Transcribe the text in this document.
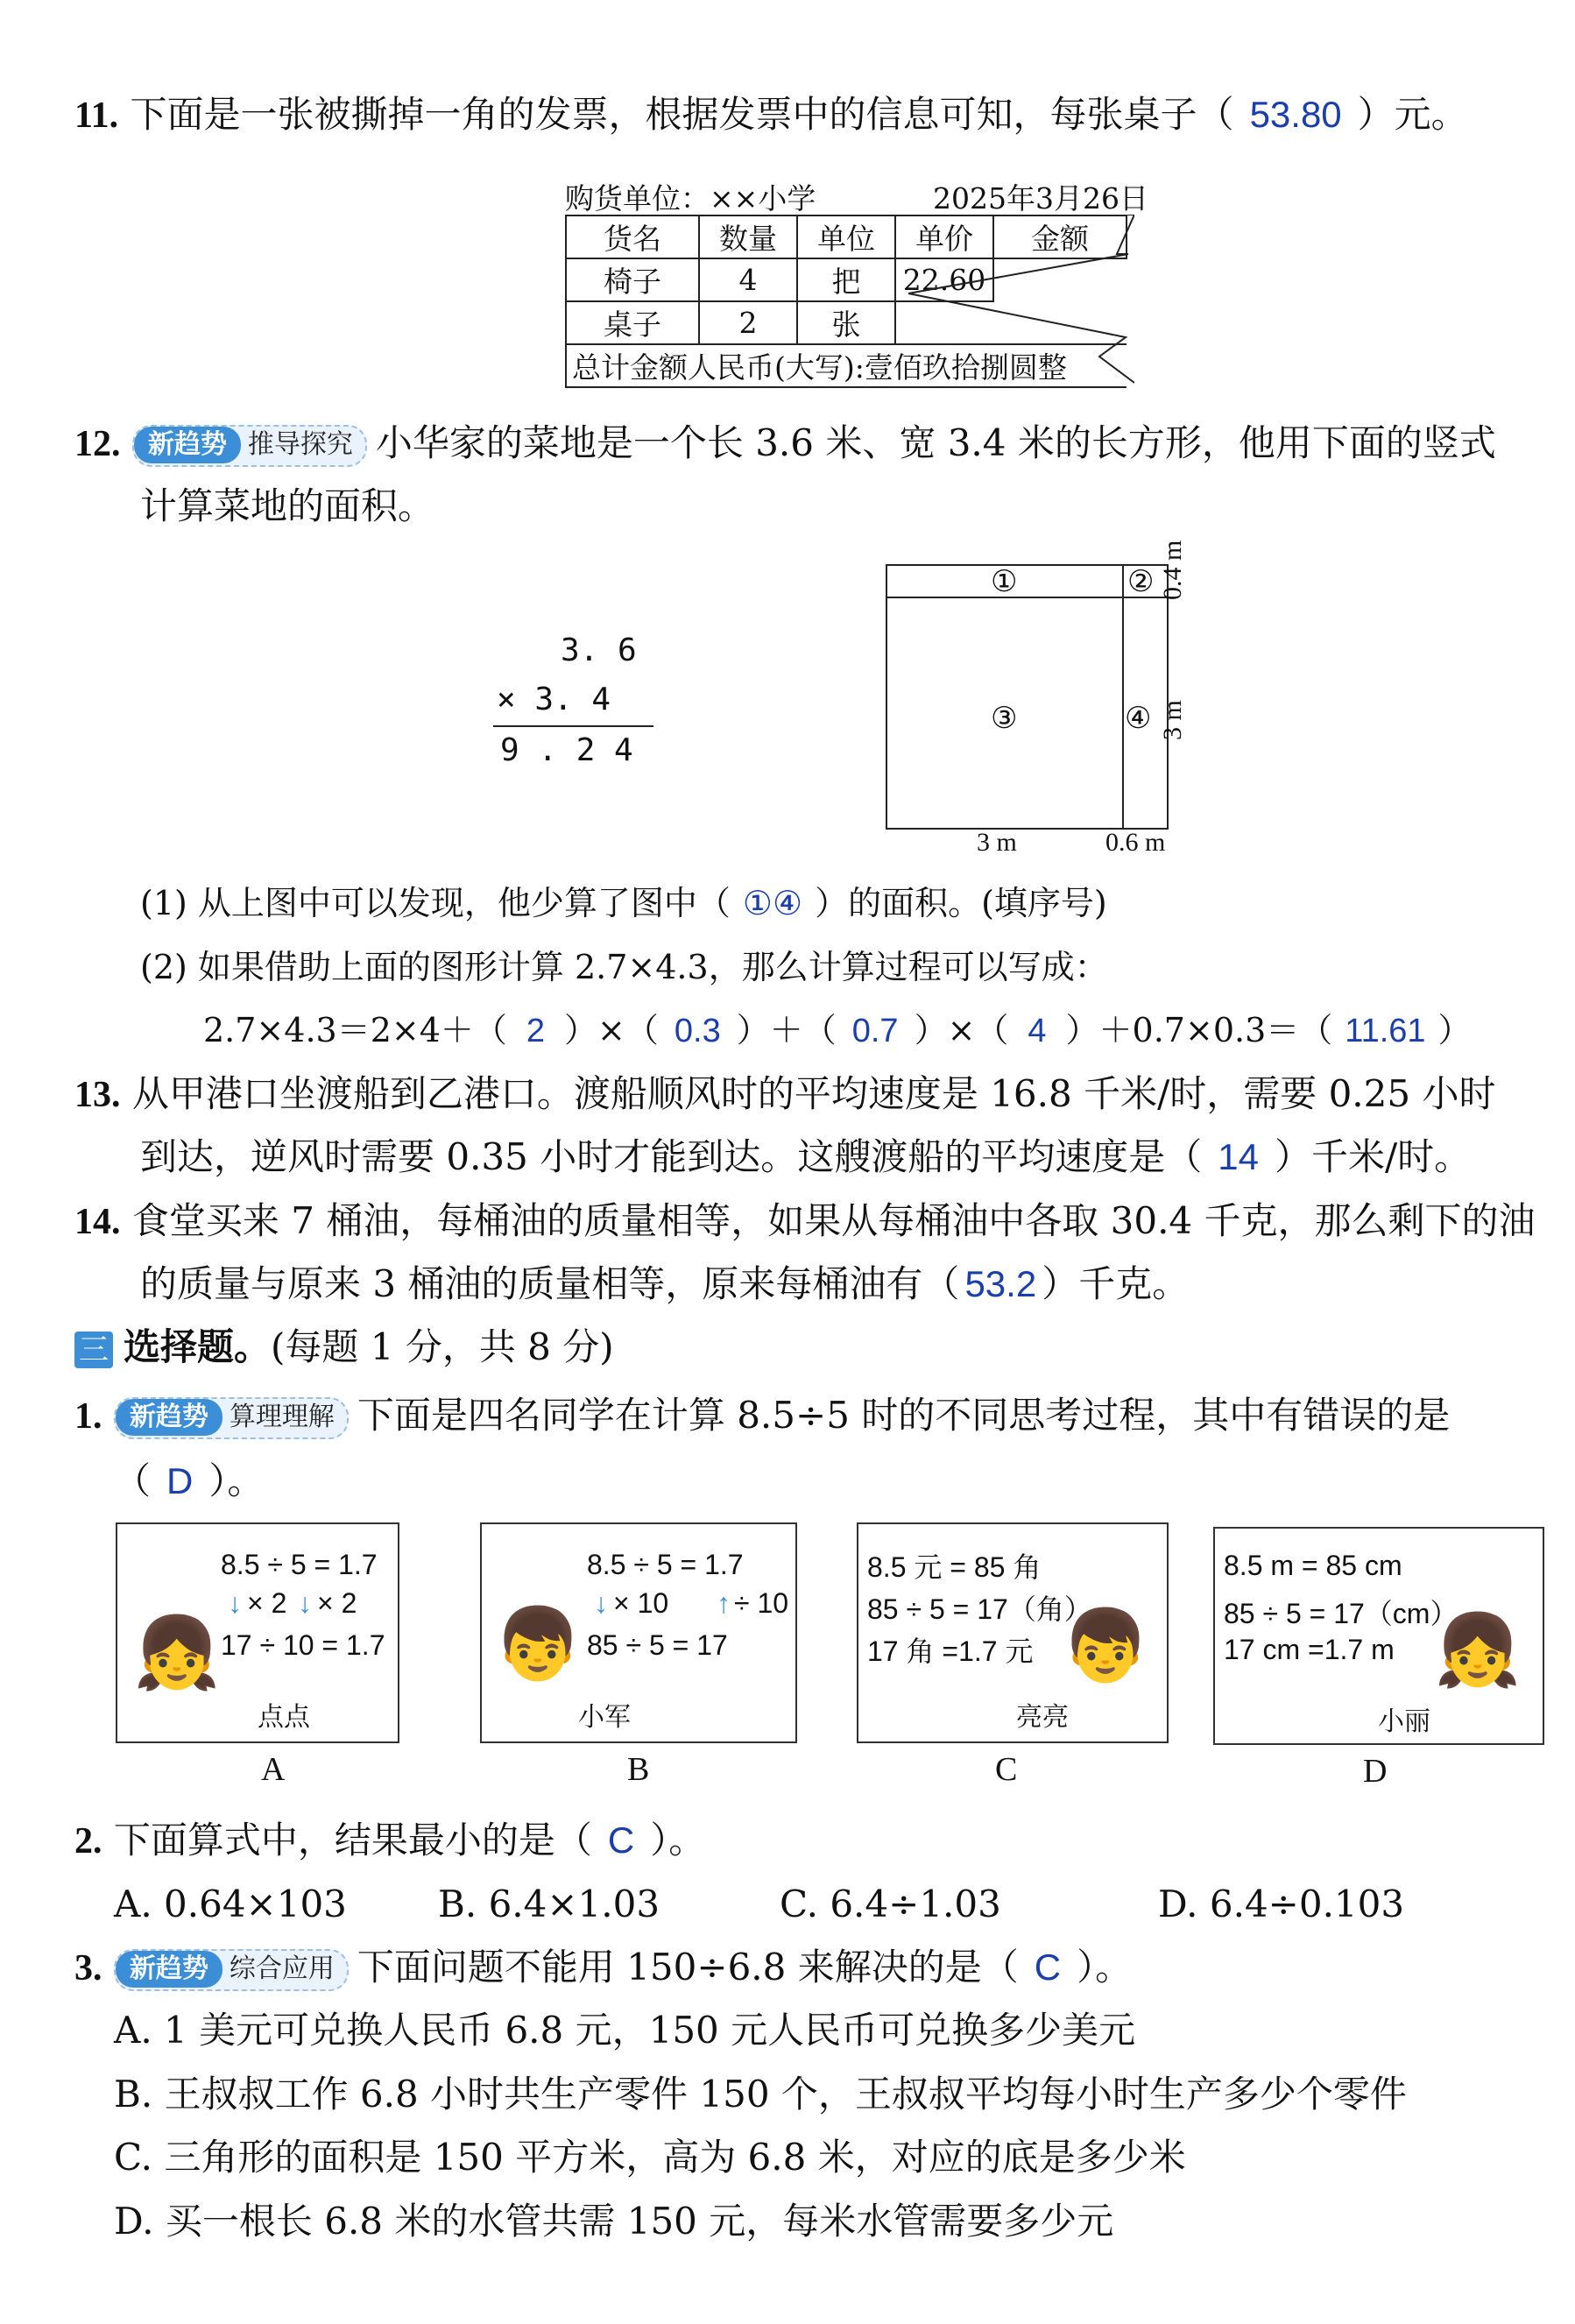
11. 下面是一张被撕掉一角的发票，根据发票中的信息可知，每张桌子（ 53.80 ）元。
购货单位：××小学	2025年3月26日
货名	数量	单位	单价	金额
椅子	4	把	22.60	
桌子	2	张		
总计金额人民币(大写):壹佰玖拾捌圆整				
12. 新趋势 推导探究 小华家的菜地是一个长 3.6 米、宽 3.4 米的长方形，他用下面的竖式
计算菜地的面积。
3. 6
× 3. 4
9 . 2 4
①	②
③	④
0.4 m
3 m
3 m	0.6 m
(1) 从上图中可以发现，他少算了图中（ ①④ ）的面积。(填序号)
(2) 如果借助上面的图形计算 2.7×4.3，那么计算过程可以写成：
2.7×4.3＝2×4＋（ 2 ）×（ 0.3 ）＋（ 0.7 ）×（ 4 ）＋0.7×0.3＝（ 11.61 ）
13. 从甲港口坐渡船到乙港口。渡船顺风时的平均速度是 16.8 千米/时，需要 0.25 小时
到达，逆风时需要 0.35 小时才能到达。这艘渡船的平均速度是（ 14 ）千米/时。
14. 食堂买来 7 桶油，每桶油的质量相等，如果从每桶油中各取 30.4 千克，那么剩下的油
的质量与原来 3 桶油的质量相等，原来每桶油有（ 53.2 ）千克。
三 选择题。(每题 1 分，共 8 分)
1. 新趋势 算理理解 下面是四名同学在计算 8.5÷5 时的不同思考过程，其中有错误的是
（ D ）。
8.5 ÷ 5 = 1.7
↓ × 2 ↓ × 2
17 ÷ 10 = 1.7
👧
点点
A
8.5 ÷ 5 = 1.7
↓ × 10 ↑ ÷ 10
85 ÷ 5 = 17
👦
小军
B
8.5 元 = 85 角
85 ÷ 5 = 17（角）
17 角 =1.7 元 👦
亮亮
C
8.5 m = 85 cm
85 ÷ 5 = 17（cm）
17 cm =1.7 m 👧
小丽
D
2. 下面算式中，结果最小的是（ C ）。
A. 0.64×103 B. 6.4×1.03	C. 6.4÷1.03	D. 6.4÷0.103
3. 新趋势 综合应用 下面问题不能用 150÷6.8 来解决的是（ C ）。
A. 1 美元可兑换人民币 6.8 元，150 元人民币可兑换多少美元
B. 王叔叔工作 6.8 小时共生产零件 150 个，王叔叔平均每小时生产多少个零件
C. 三角形的面积是 150 平方米，高为 6.8 米，对应的底是多少米
D. 买一根长 6.8 米的水管共需 150 元，每米水管需要多少元
